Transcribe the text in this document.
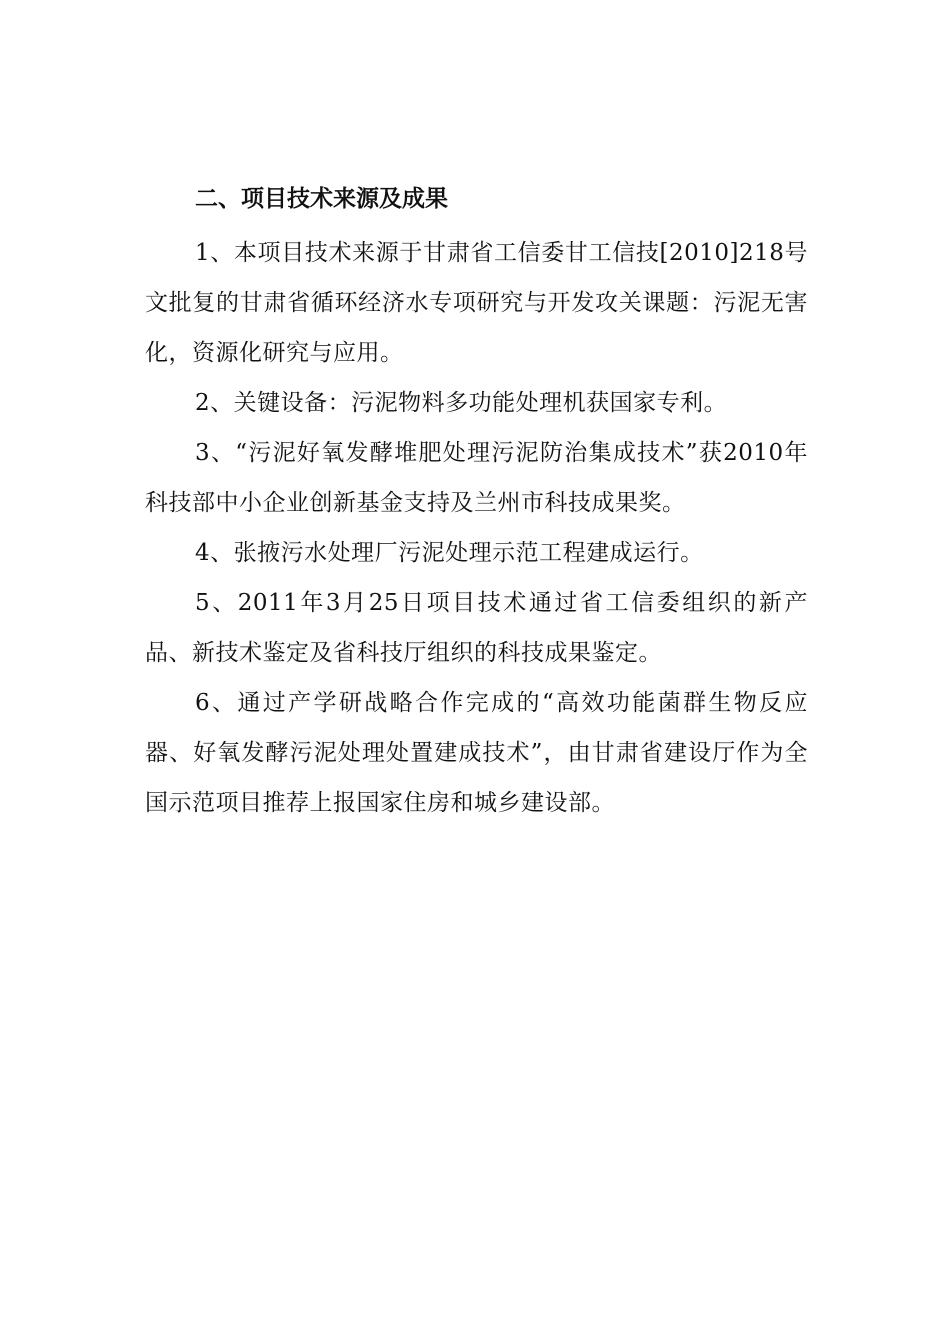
二、项目技术来源及成果

1、本项目技术来源于甘肃省工信委甘工信技[2010]218号文批复的甘肃省循环经济水专项研究与开发攻关课题：污泥无害化，资源化研究与应用。

2、关键设备：污泥物料多功能处理机获国家专利。

3、“污泥好氧发酵堆肥处理污泥防治集成技术”获2010年科技部中小企业创新基金支持及兰州市科技成果奖。

4、张掖污水处理厂污泥处理示范工程建成运行。

5、2011年3月25日项目技术通过省工信委组织的新产品、新技术鉴定及省科技厅组织的科技成果鉴定。

6、通过产学研战略合作完成的“高效功能菌群生物反应器、好氧发酵污泥处理处置建成技术”，由甘肃省建设厅作为全国示范项目推荐上报国家住房和城乡建设部。
